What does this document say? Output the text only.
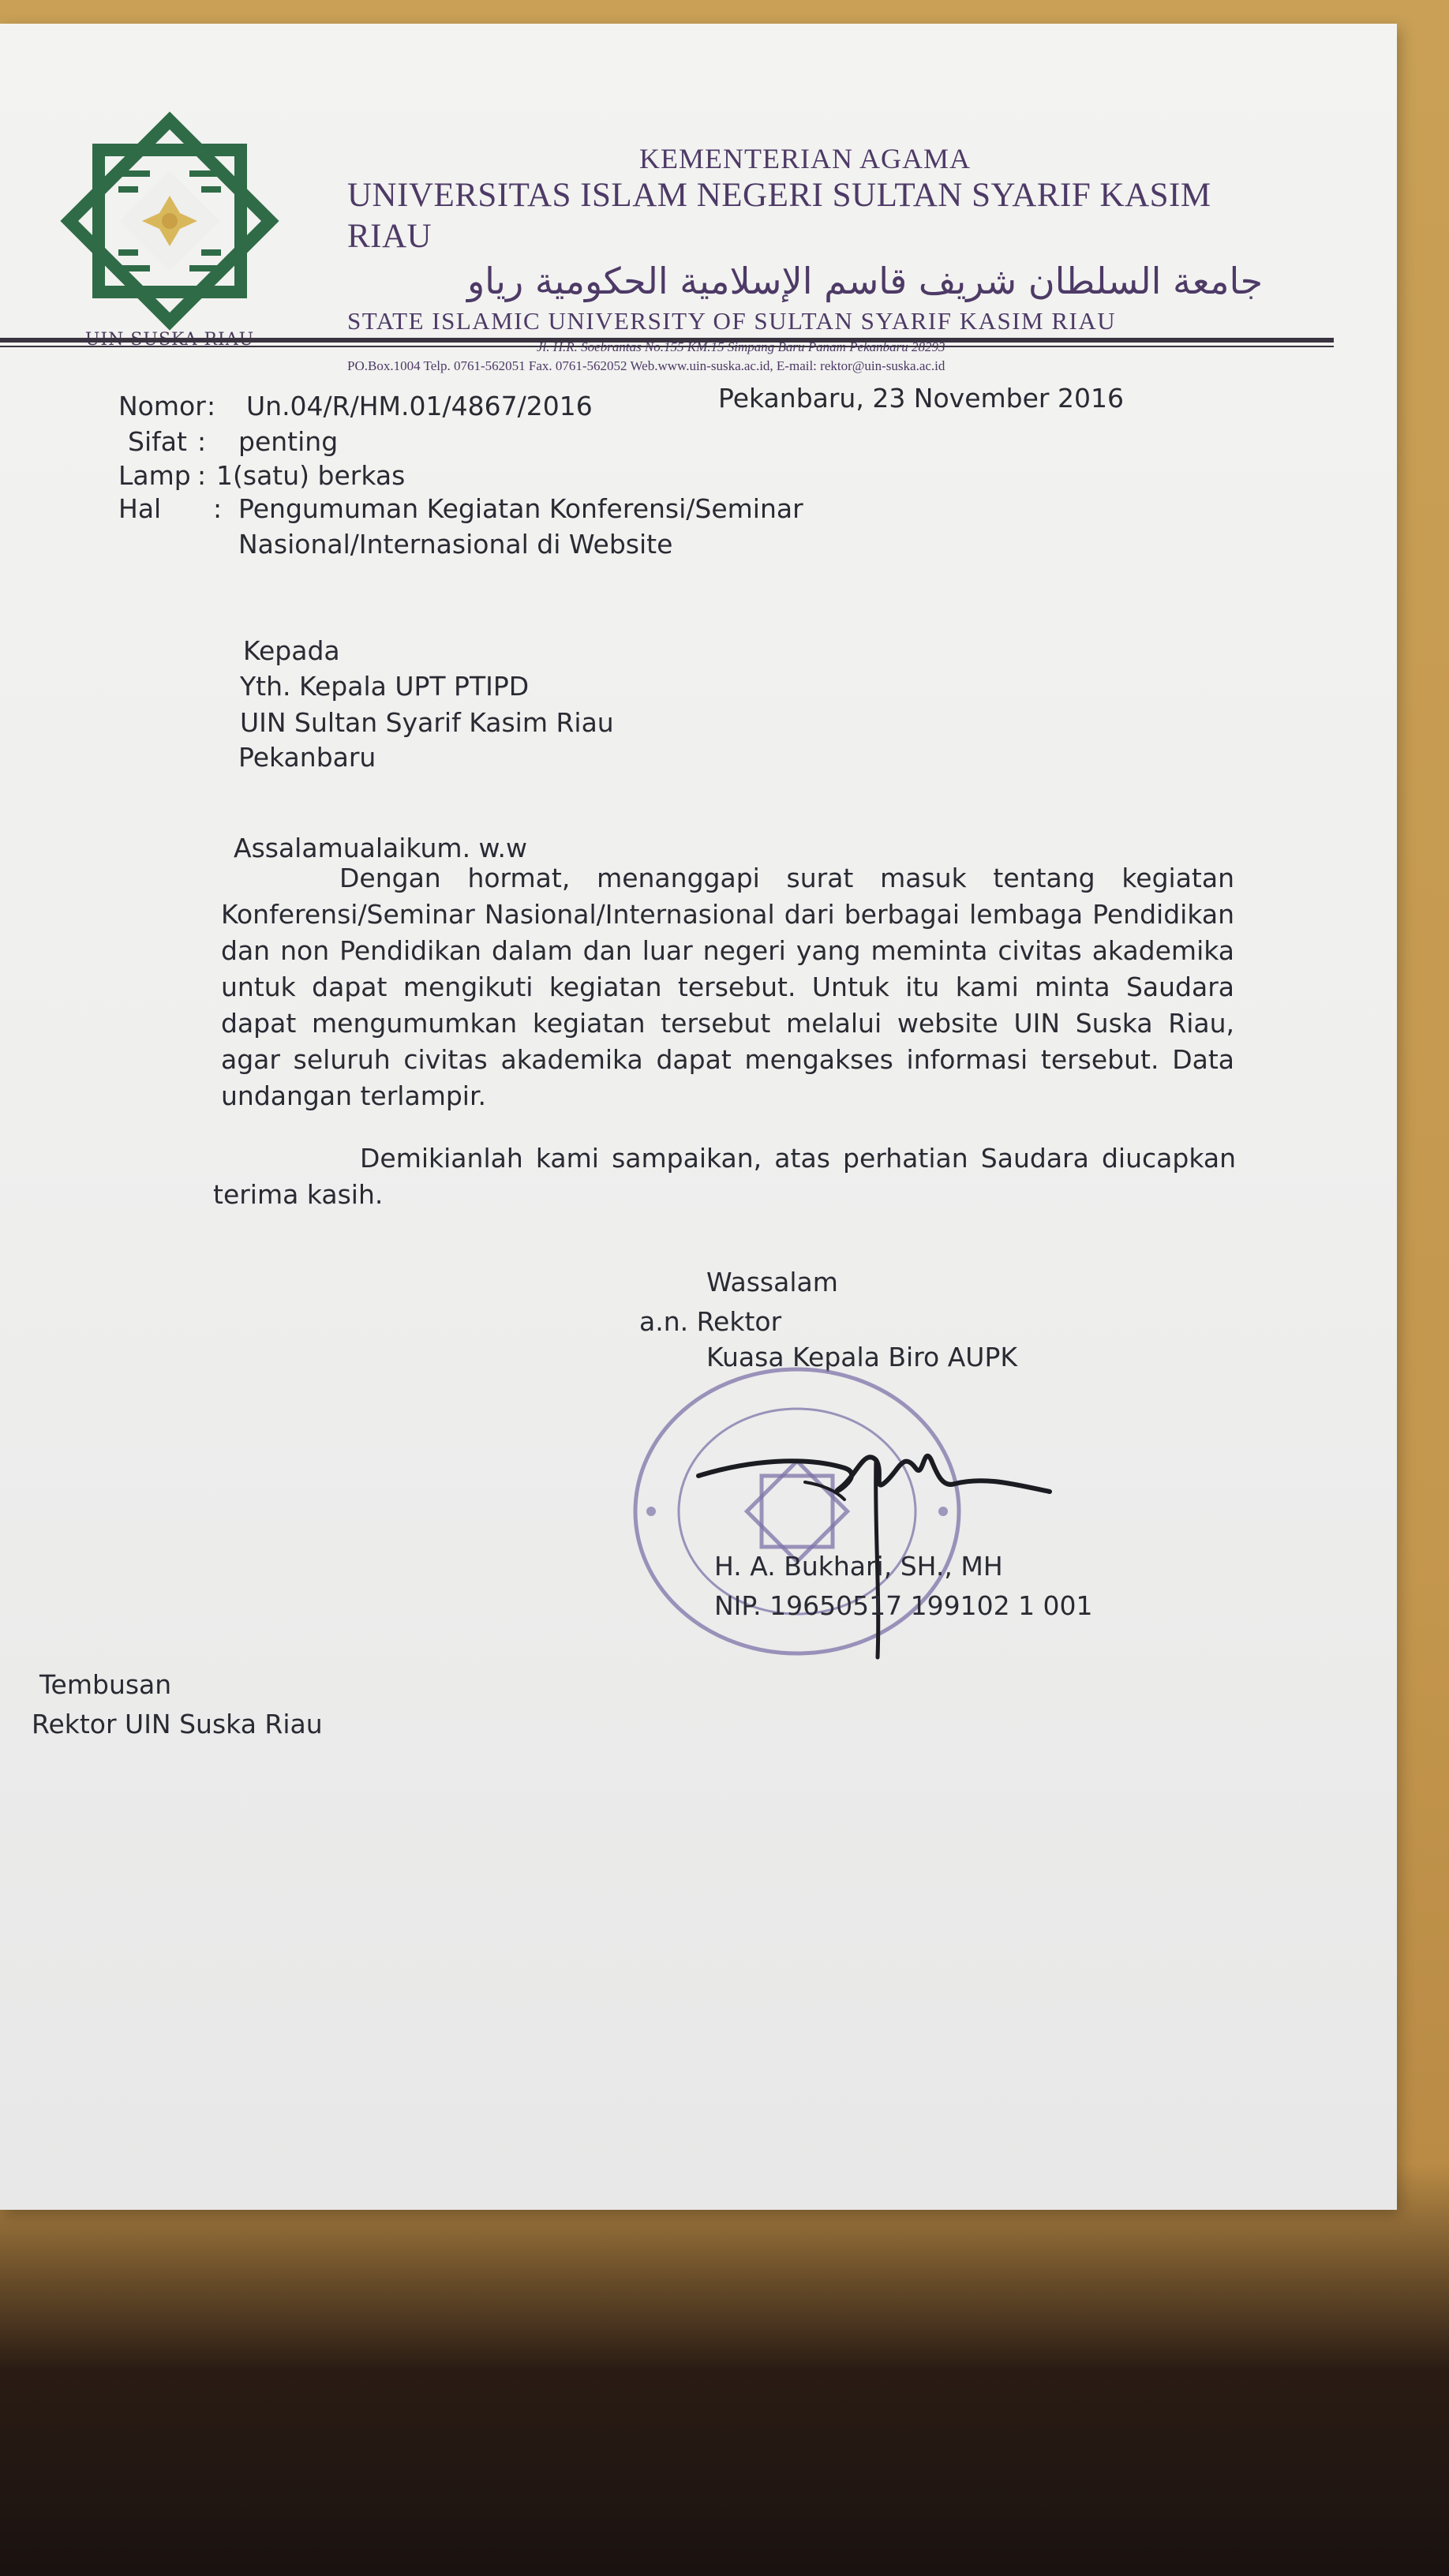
KEMENTERIAN AGAMA
UNIVERSITAS ISLAM NEGERI SULTAN SYARIF KASIM RIAU
جامعة السلطان شريف قاسم الإسلامية الحكومية رياو
STATE ISLAMIC UNIVERSITY OF SULTAN SYARIF KASIM RIAU
PO.Box.1004 Telp. 0761-562051 Fax. 0761-562052 Web.www.uin-suska.ac.id, E-mail: rektor@uin-suska.ac.id
Nomor : Un.04/R/HM.01/4867/2016	Pekanbaru, 23 November 2016
Sifat : penting
Lamp : 1(satu) berkas
Hal	: Pengumuman Kegiatan Konferensi/Seminar
Nasional/Internasional di Website
Kepada
Yth. Kepala UPT PTIPD
UIN Sultan Syarif Kasim Riau
Pekanbaru
Assalamualaikum. w.w
Dengan hormat, menanggapi surat masuk tentang kegiatan Konferensi/Seminar Nasional/Internasional dari berbagai lembaga Pendidikan dan non Pendidikan dalam dan luar negeri yang meminta civitas akademika untuk dapat mengikuti kegiatan tersebut. Untuk itu kami minta Saudara dapat mengumumkan kegiatan tersebut melalui website UIN Suska Riau, agar seluruh civitas akademika dapat mengakses informasi tersebut. Data undangan terlampir.
Demikianlah kami sampaikan, atas perhatian Saudara diucapkan terima kasih.
Wassalam
a.n. Rektor
Kuasa Kepala Biro AUPK
H. A. Bukhari, SH., MH
NIP. 19650517 199102 1 001
Tembusan
Rektor UIN Suska Riau
